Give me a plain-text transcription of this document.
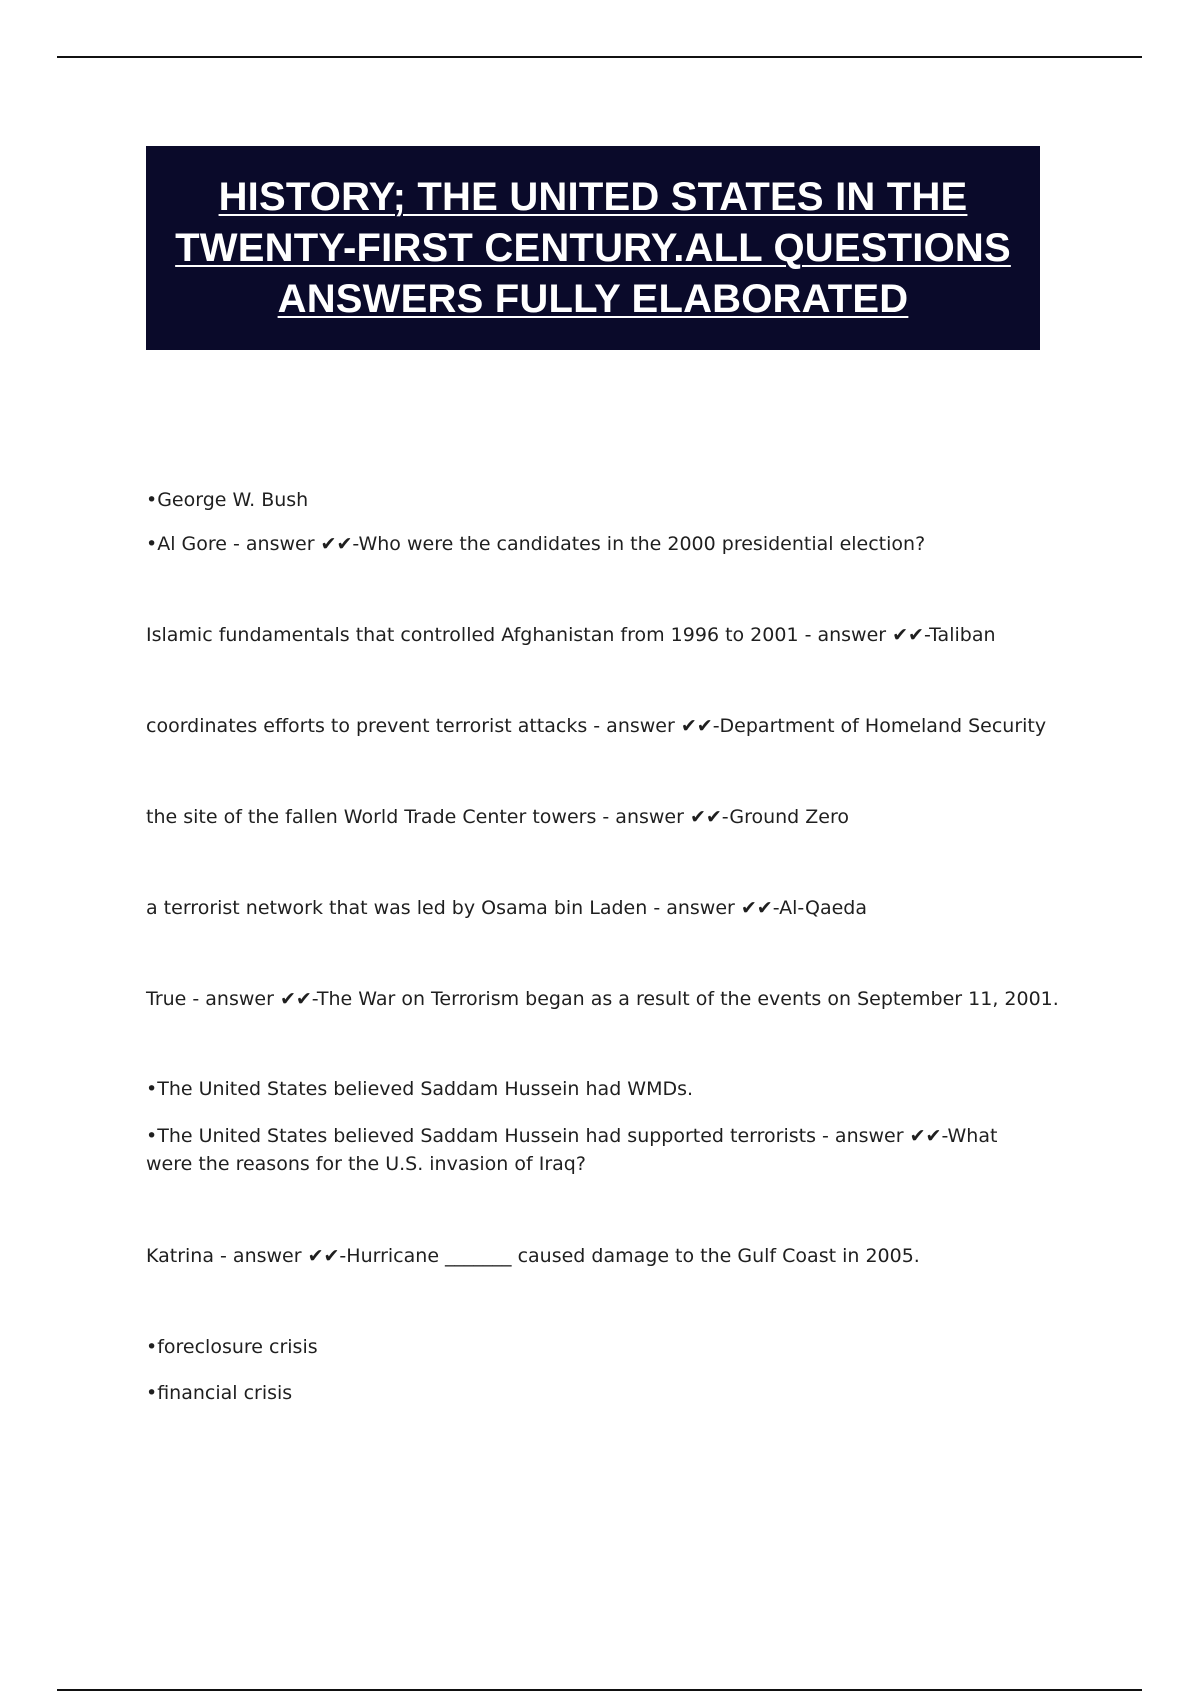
HISTORY; THE UNITED STATES IN THE TWENTY-FIRST CENTURY.ALL QUESTIONS ANSWERS FULLY ELABORATED
•George W. Bush
•Al Gore - answer ✔✔-Who were the candidates in the 2000 presidential election?
Islamic fundamentals that controlled Afghanistan from 1996 to 2001 - answer ✔✔-Taliban
coordinates efforts to prevent terrorist attacks - answer ✔✔-Department of Homeland Security
the site of the fallen World Trade Center towers - answer ✔✔-Ground Zero
a terrorist network that was led by Osama bin Laden - answer ✔✔-Al-Qaeda
True - answer ✔✔-The War on Terrorism began as a result of the events on September 11, 2001.
•The United States believed Saddam Hussein had WMDs.
•The United States believed Saddam Hussein had supported terrorists - answer ✔✔-What were the reasons for the U.S. invasion of Iraq?
Katrina - answer ✔✔-Hurricane _______ caused damage to the Gulf Coast in 2005.
•foreclosure crisis
•financial crisis
